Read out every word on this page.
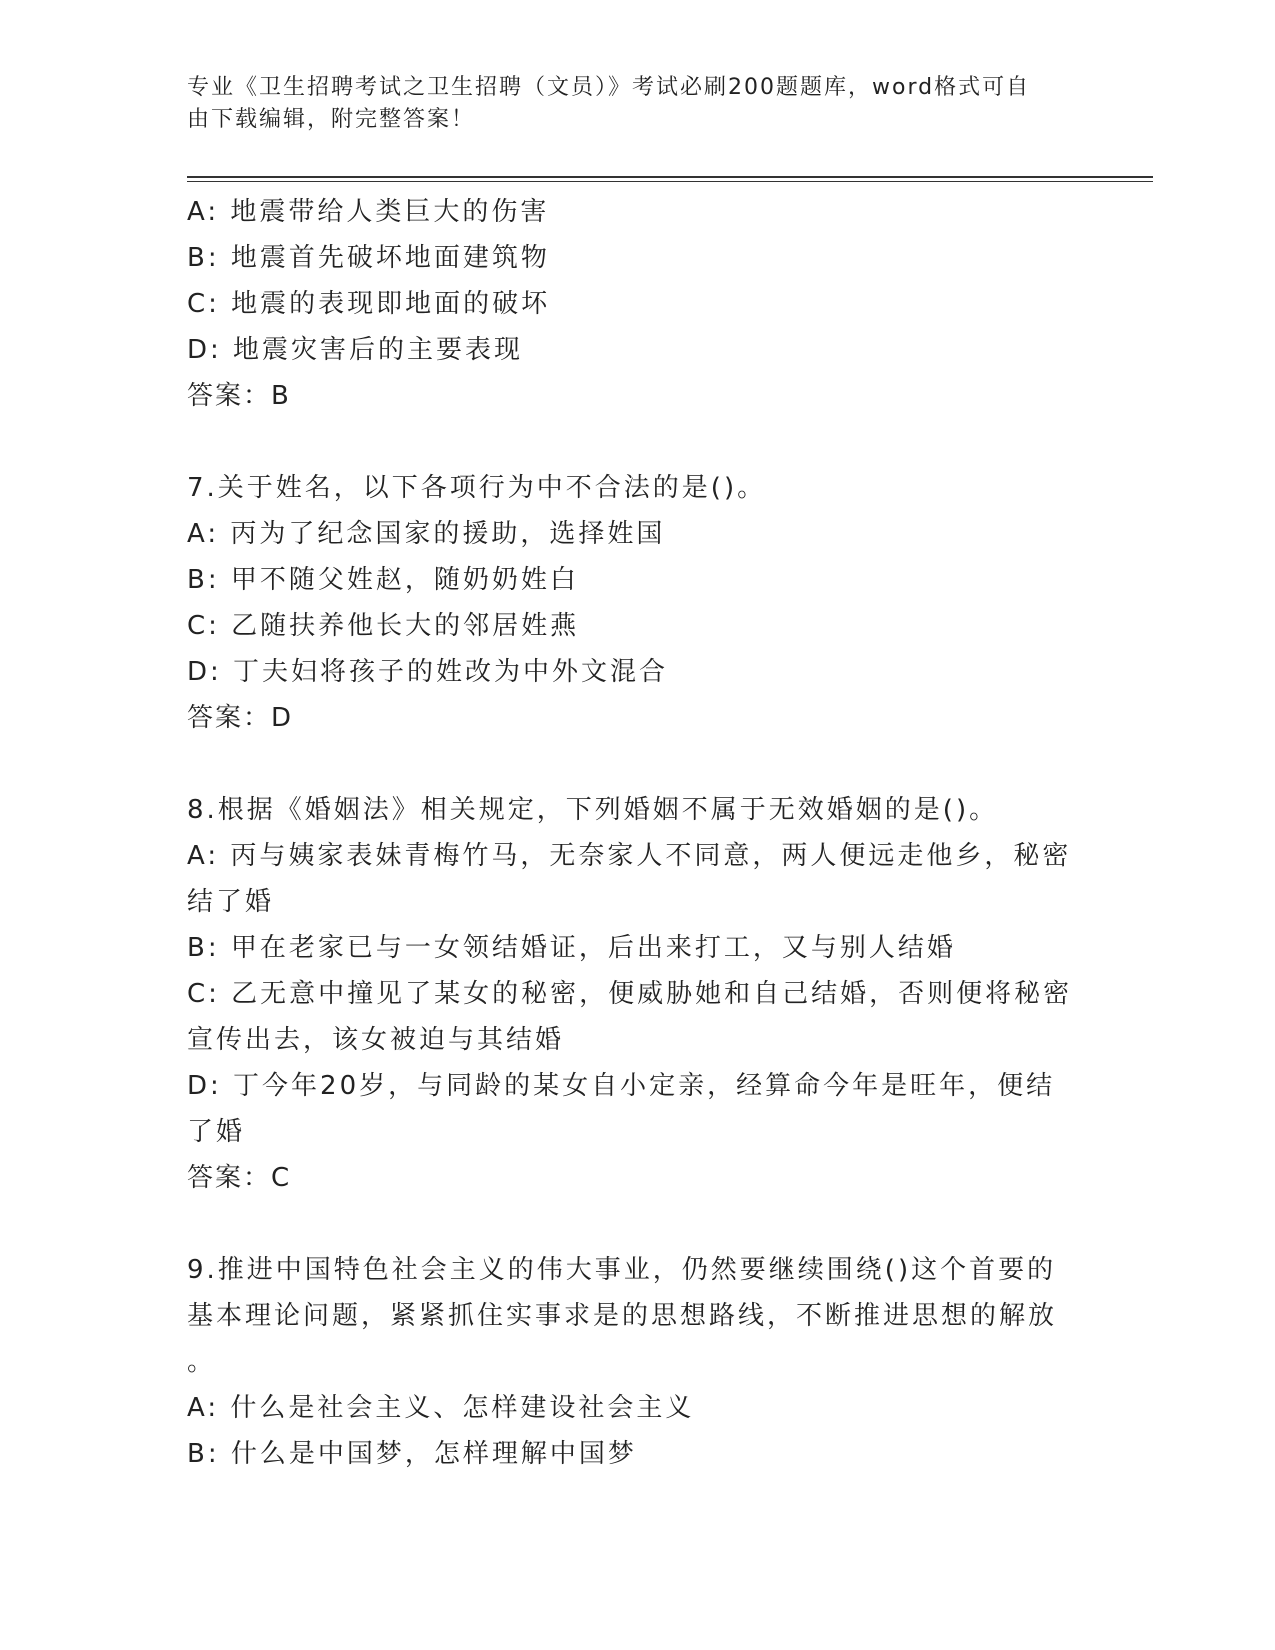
专业《卫生招聘考试之卫生招聘（文员）》考试必刷200题题库，word格式可自
由下载编辑，附完整答案！

A: 地震带给人类巨大的伤害

B: 地震首先破坏地面建筑物

C: 地震的表现即地面的破坏

D: 地震灾害后的主要表现

答案：B

7.关于姓名，以下各项行为中不合法的是()。

A: 丙为了纪念国家的援助，选择姓国

B: 甲不随父姓赵，随奶奶姓白

C: 乙随扶养他长大的邻居姓燕

D: 丁夫妇将孩子的姓改为中外文混合

答案：D

8.根据《婚姻法》相关规定，下列婚姻不属于无效婚姻的是()。

A: 丙与姨家表妹青梅竹马，无奈家人不同意，两人便远走他乡，秘密

结了婚

B: 甲在老家已与一女领结婚证，后出来打工，又与别人结婚

C: 乙无意中撞见了某女的秘密，便威胁她和自己结婚，否则便将秘密

宣传出去，该女被迫与其结婚

D: 丁今年20岁，与同龄的某女自小定亲，经算命今年是旺年，便结

了婚

答案：C

9.推进中国特色社会主义的伟大事业，仍然要继续围绕()这个首要的

基本理论问题，紧紧抓住实事求是的思想路线，不断推进思想的解放

。

A: 什么是社会主义、怎样建设社会主义

B: 什么是中国梦，怎样理解中国梦
